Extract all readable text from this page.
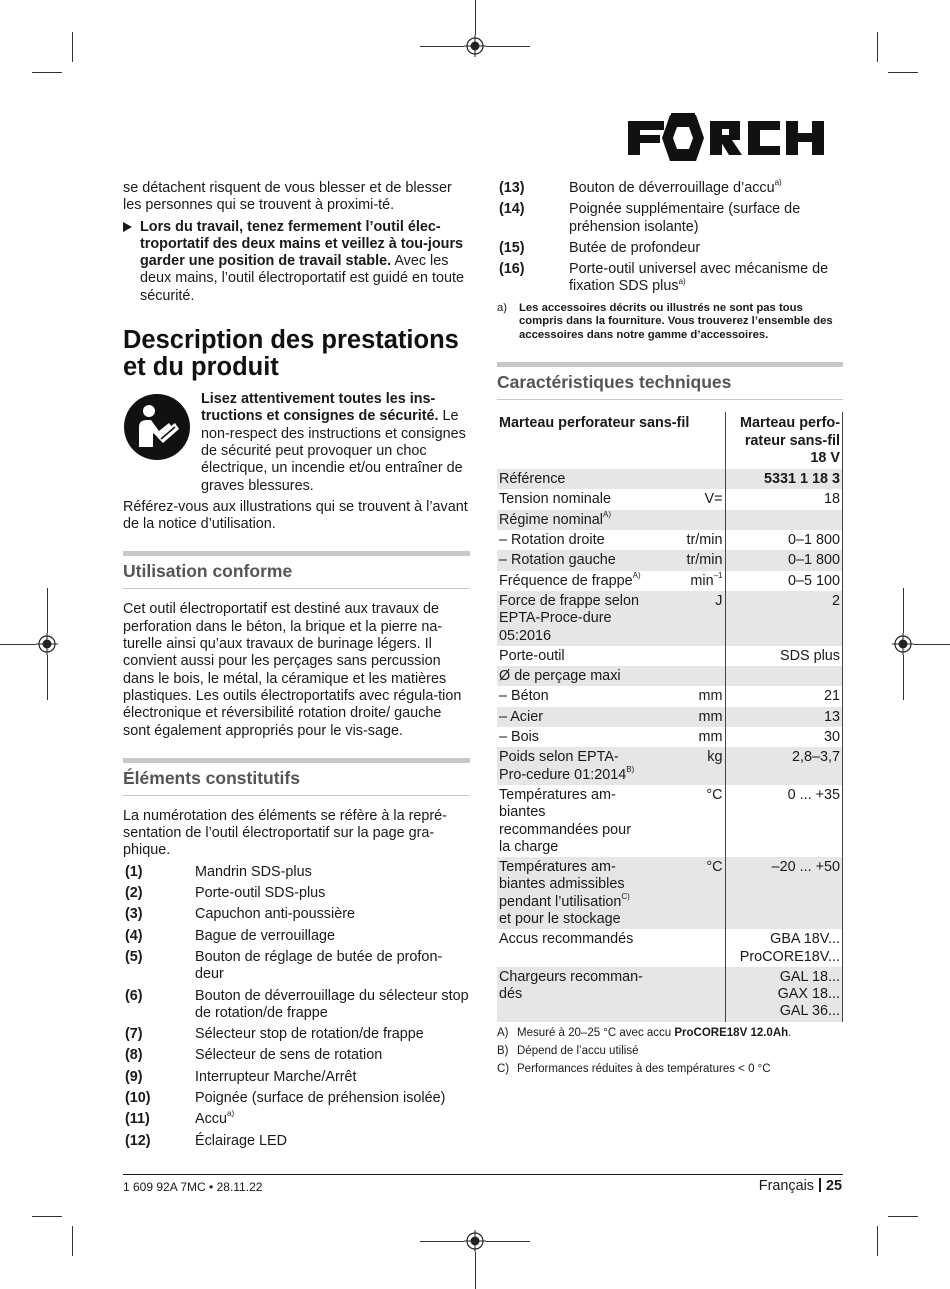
FÖRCH

se détachent risquent de vous blesser et de blesser les personnes qui se trouvent à proximi-té.

Lors du travail, tenez fermement l’outil élec-troportatif des deux mains et veillez à tou-jours garder une position de travail stable. Avec les deux mains, l’outil électroportatif est guidé en toute sécurité.
Description des prestations et du produit
Lisez attentivement toutes les ins-tructions et consignes de sécurité. Le non-respect des instructions et consignes de sécurité peut provoquer un choc électrique, un incendie et/ou entraîner de graves blessures.

Référez-vous aux illustrations qui se trouvent à l’avant de la notice d’utilisation.

Utilisation conforme

Cet outil électroportatif est destiné aux travaux de perforation dans le béton, la brique et la pierre na-turelle ainsi qu’aux travaux de burinage légers. Il convient aussi pour les perçages sans percussion dans le bois, le métal, la céramique et les matières plastiques. Les outils électroportatifs avec régula-tion électronique et réversibilité rotation droite/ gauche sont également appropriés pour le vis-sage.

Éléments constitutifs

La numérotation des éléments se réfère à la repré-sentation de l’outil électroportatif sur la page gra-phique.

(1)	Mandrin SDS-plus
(2)	Porte-outil SDS-plus
(3)	Capuchon anti-poussière
(4)	Bague de verrouillage
(5)	Bouton de réglage de butée de profon-deur
(6)	Bouton de déverrouillage du sélecteur stop de rotation/de frappe
(7)	Sélecteur stop de rotation/de frappe
(8)	Sélecteur de sens de rotation
(9)	Interrupteur Marche/Arrêt
(10)	Poignée (surface de préhension isolée)
(11)	Accu$^{a)}$
(12)	Éclairage LED
(13)	Bouton de déverrouillage d’accu$^{a)}$
(14)	Poignée supplémentaire (surface de préhension isolante)
(15)	Butée de profondeur
(16)	Porte-outil universel avec mécanisme de fixation SDS plus$^{a)}$
a)	Les accessoires décrits ou illustrés ne sont pas tous compris dans la fourniture. Vous trouverez l’ensemble des accessoires dans notre gamme d’accessoires.
Caractéristiques techniques
Marteau perforateur sans-fil		Marteau perfo-rateur sans-fil 18 V
Référence		5331 1 18 3
Tension nominale	V=	18
Régime nominal$^{A)}$		
– Rotation droite	tr/min	0–1 800
– Rotation gauche	tr/min	0–1 800
Fréquence de frappe$^{A)}$	$\min^{-1}$	0–5 100
Force de frappe selon EPTA-Proce-dure 05:2016	J	2
Porte-outil		SDS plus
Ø de perçage maxi		
– Béton	mm	21
– Acier	mm	13
– Bois	mm	30
Poids selon EPTA-Pro-cedure $01:2014^{B)}$	kg	2,8–3,7
Températures am-biantes recommandées pour la charge	°C	0 ... +35
Températures am-biantes admissibles pendant l’utilisation$^{C)}$ et pour le stockage	°C	–20 ... +50
Accus recommandés		GBA 18V...
ProCORE18V...
Chargeurs recomman-dés		GAL 18...
GAX 18...
GAL 36...
A) Mesuré à 20–25 °C avec accu ProCORE18V 12.0Ah.
B) Dépend de l’accu utilisé
C) Performances réduites à des températures < 0 °C
1 609 92A 7MC • 28.11.22	Français 25
